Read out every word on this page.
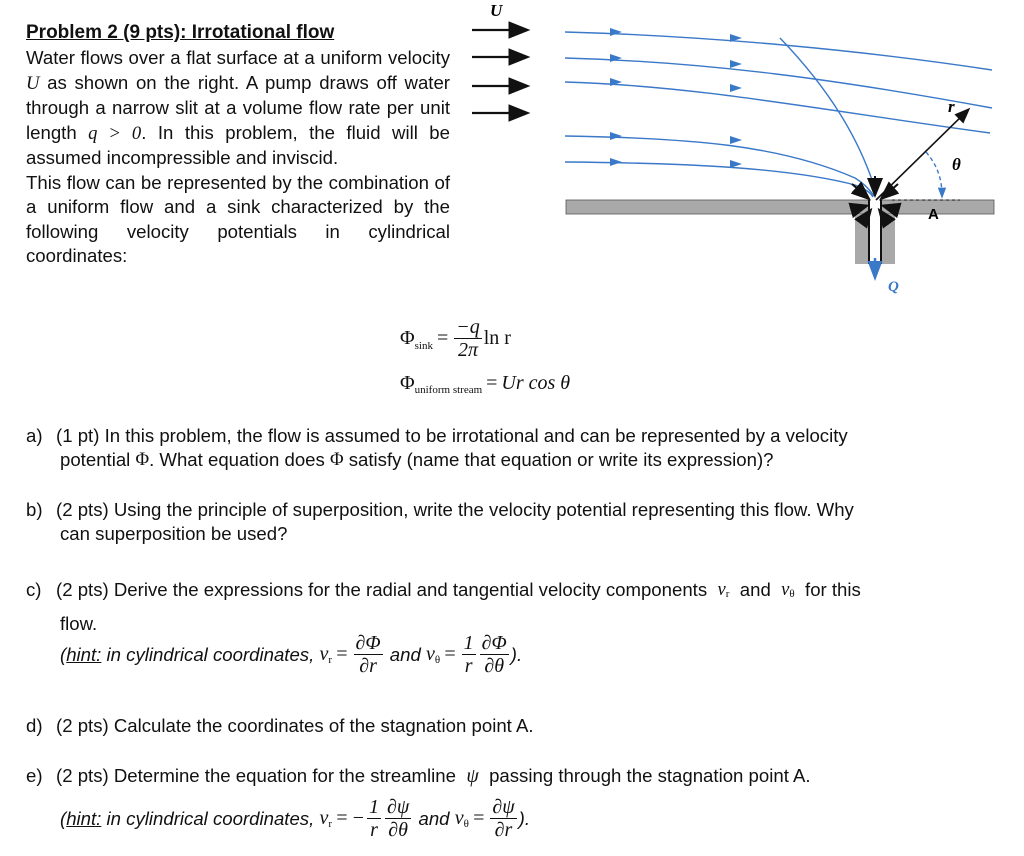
Problem 2 (9 pts): Irrotational flow

Water flows over a flat surface at a uniform velocity U as shown on the right. A pump draws off water through a narrow slit at a volume flow rate per unit length q > 0. In this problem, the fluid will be assumed incompressible and inviscid.

This flow can be represented by the combination of a uniform flow and a sink characterized by the following velocity potentials in cylindrical coordinates:

U
r
θ
A
Q
Φ $\sin k = \frac{-q}{2\pi}$ ln r
Φ uniform stream = Ur cos θ
a) (1 pt) In this problem, the flow is assumed to be irrotational and can be represented by a velocity
potential
Φ . What equation does
Φ
satisfy (name that equation or write its expression)?
b) (2 pts) Using the principle of superposition, write the velocity potential representing this flow. Why
can superposition be used?
c) (2 pts) Derive the expressions for the radial and tangential velocity components
v r
and
v θ
for this
flow.
( hint:
in cylindrical coordinates,
v $r = \frac{\partial\Phi}{\partial r}$
and
v $\theta = \frac{1}{r} \frac{\partial\Phi}{\partial\theta}$ ).
d) (2 pts) Calculate the coordinates of the stagnation point A.
e) (2 pts) Determine the equation for the streamline
ψ
passing through the stagnation point A.
( hint:
in cylindrical coordinates,
v r = − $\frac{1}{r} \frac{\partial\psi}{\partial\theta}$
and
v $\theta = \frac{\partial\psi}{\partial r}$ ).
